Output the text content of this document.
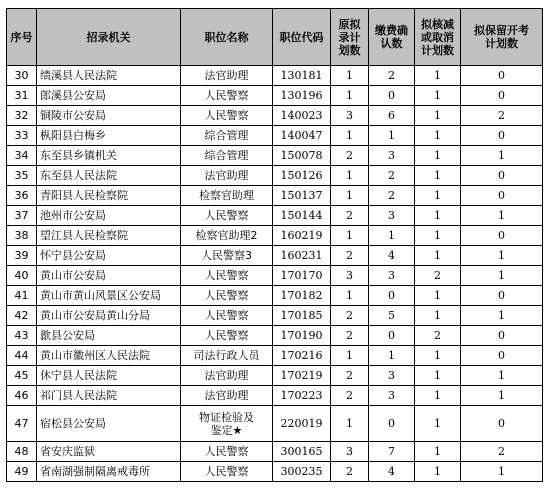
序号	招录机关	职位名称	职位代码	原拟录计划数	缴费确认数	拟核减或取消计划数	拟保留开考计划数
30	绩溪县人民法院	法官助理	130181	1	2	1	0
31	郎溪县公安局	人民警察	130196	1	0	1	0
32	铜陵市公安局	人民警察	140023	3	6	1	2
33	枞阳县白梅乡	综合管理	140047	1	1	1	0
34	东至县乡镇机关	综合管理	150078	2	3	1	1
35	东至县人民法院	法官助理	150126	1	2	1	0
36	青阳县人民检察院	检察官助理	150137	1	2	1	0
37	池州市公安局	人民警察	150144	2	3	1	1
38	望江县人民检察院	检察官助理2	160219	1	1	1	0
39	怀宁县公安局	人民警察3	160231	2	4	1	1
40	黄山市公安局	人民警察	170170	3	3	2	1
41	黄山市黄山风景区公安局	人民警察	170182	1	0	1	0
42	黄山市公安局黄山分局	人民警察	170185	2	5	1	1
43	歙县公安局	人民警察	170190	2	0	2	0
44	黄山市徽州区人民法院	司法行政人员	170216	1	1	1	0
45	休宁县人民法院	法官助理	170219	2	3	1	1
46	祁门县人民法院	法官助理	170223	2	3	1	1
47	宿松县公安局	物证检验及鉴定★	220019	1	0	1	0
48	省安庆监狱	人民警察	300165	3	7	1	2
49	省南湖强制隔离戒毒所	人民警察	300235	2	4	1	1
